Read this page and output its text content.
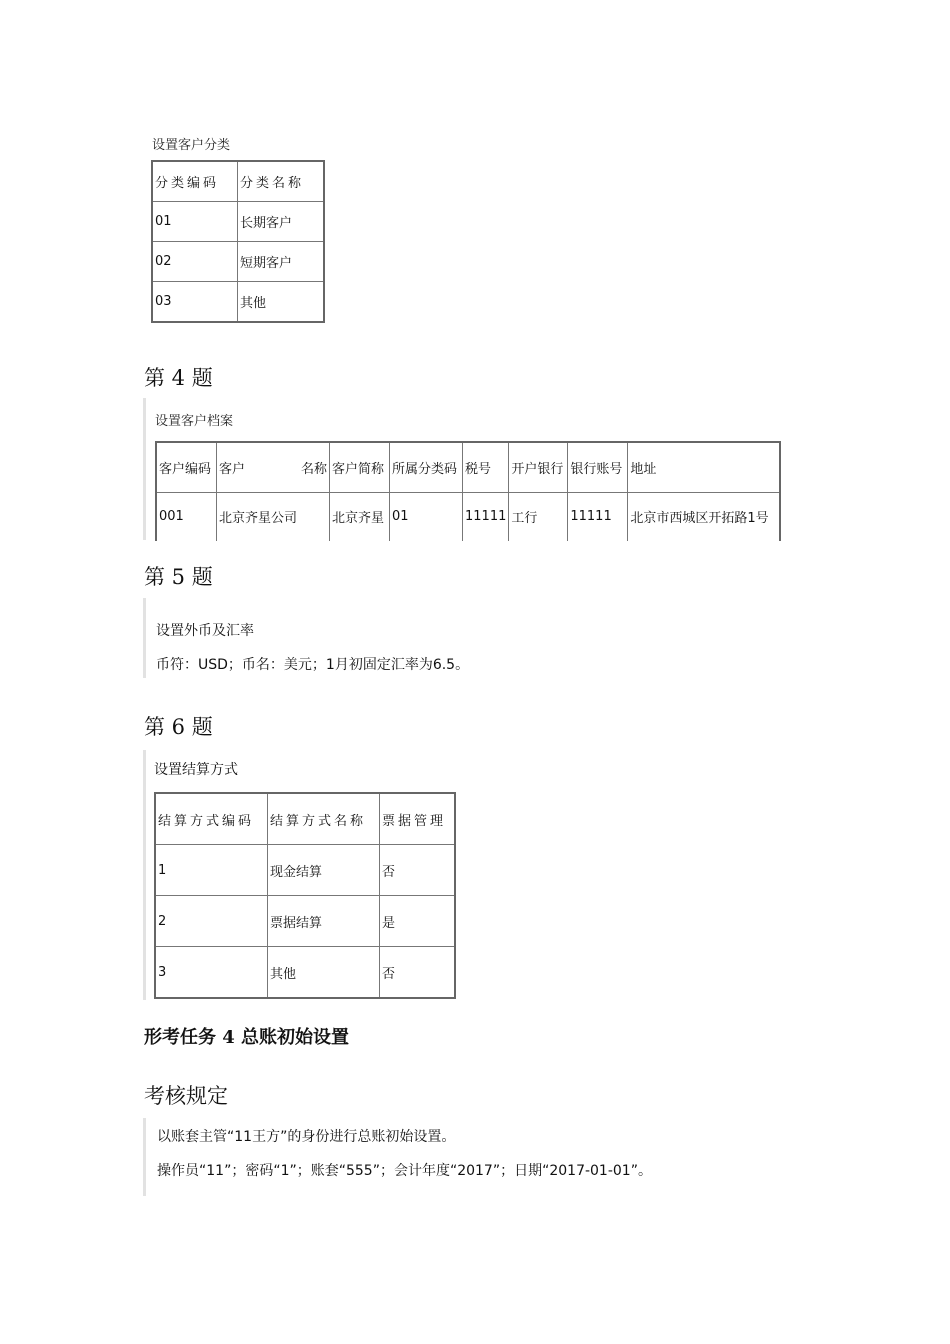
设置客户分类
分类编码	分类名称
01	长期客户
02	短期客户
03	其他
第 4 题
设置客户档案
客户编码	客户 名称	客户简称	所属分类码	税号	开户银行	银行账号	地址
001	北京齐星公司	北京齐星	01	11111	工行	11111	北京市西城区开拓路1号
第 5 题
设置外币及汇率
币符：USD；币名：美元；1月初固定汇率为6.5。
第 6 题
设置结算方式
结算方式编码	结算方式名称	票据管理
1	现金结算	否
2	票据结算	是
3	其他	否
形考任务 4 总账初始设置
考核规定
以账套主管“11王方”的身份进行总账初始设置。
操作员“11”；密码“1”；账套“555”；会计年度“2017”；日期“2017-01-01”。
